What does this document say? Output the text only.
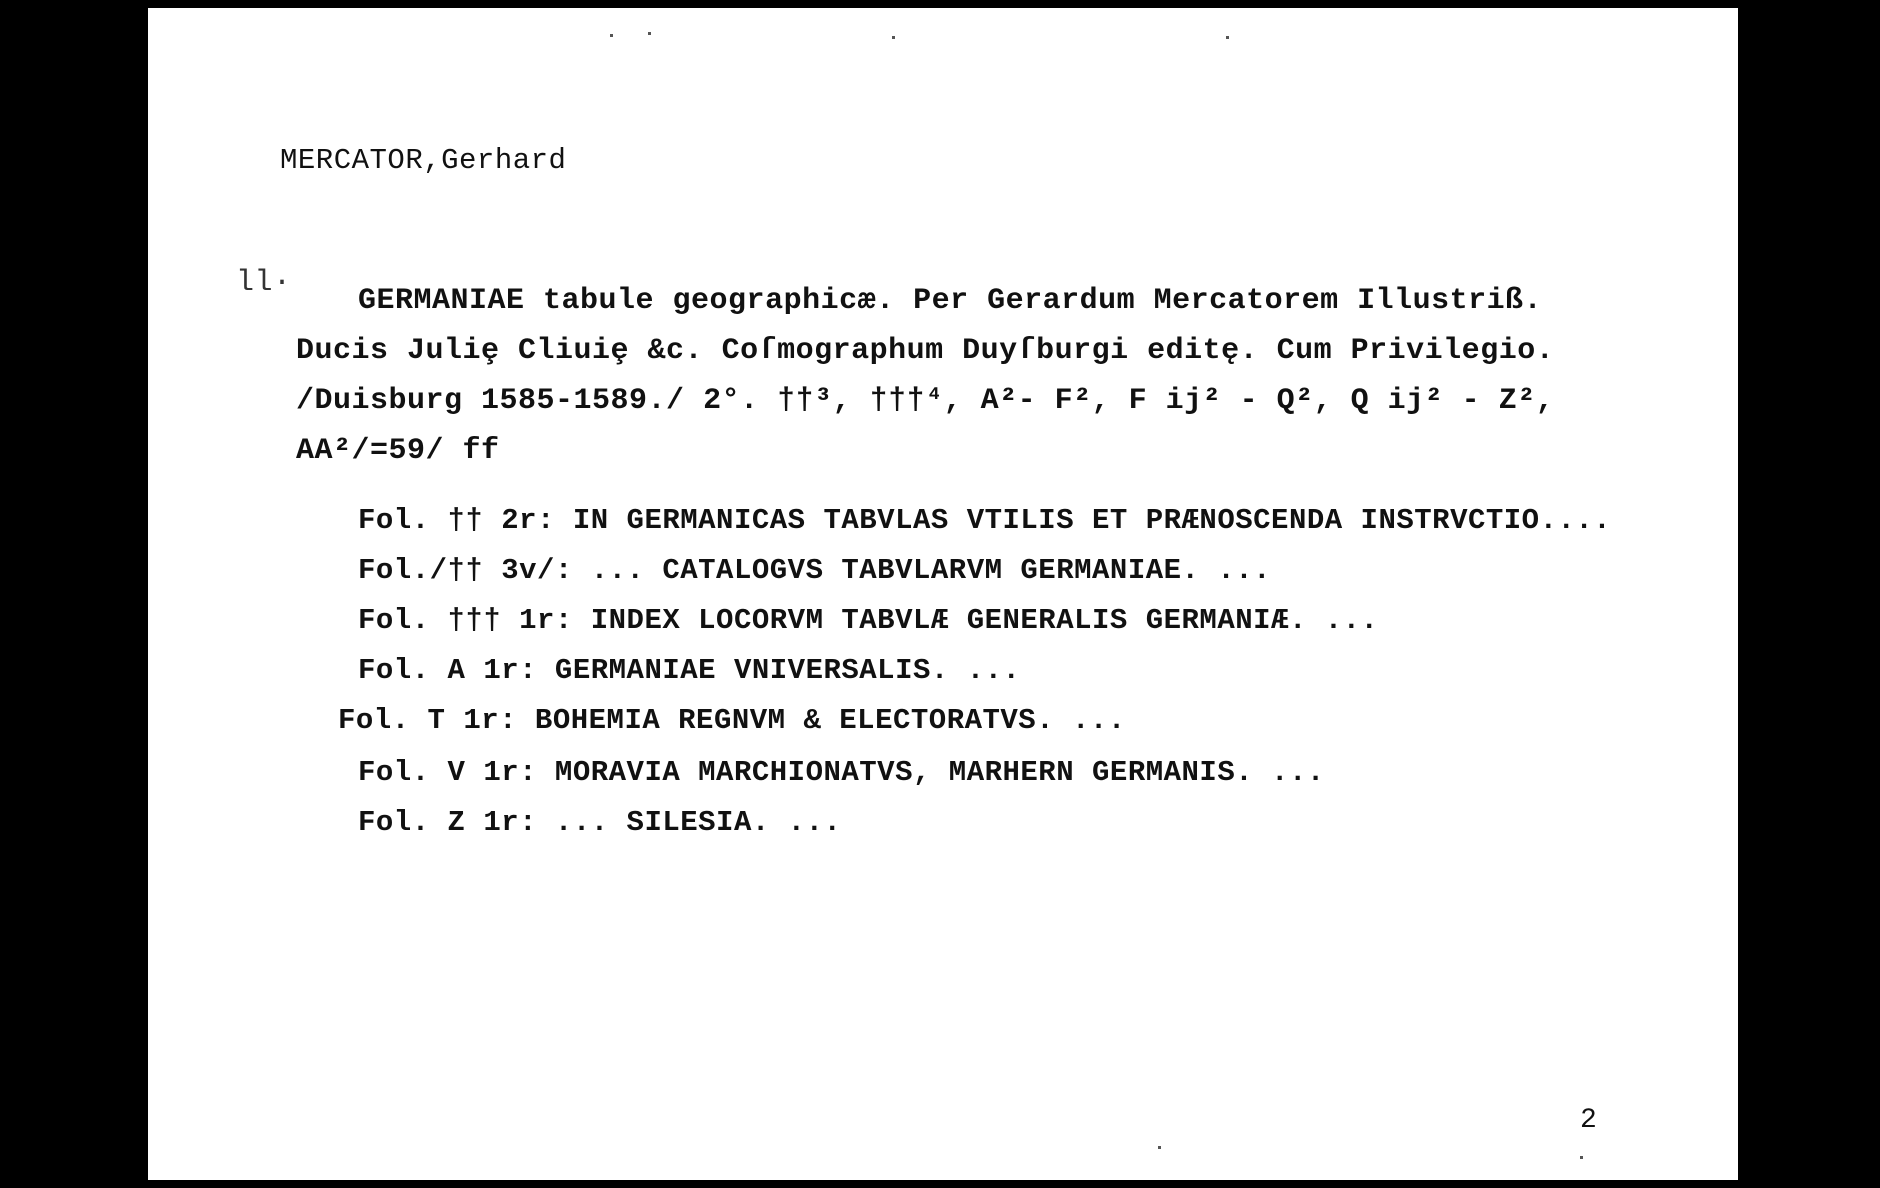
MERCATOR,Gerhard
ll·
GERMANIAE tabule geographicæ. Per Gerardum Mercatorem Illustriß.
Ducis Juliȩ Cliuiȩ &c. Coſmographum Duyſburgi editę. Cum Privilegio.
/Duisburg 1585-1589./ 2°. ††³, †††⁴, A²- F², F ij² - Q², Q ij² - Z²,
AA²/=59/ ff
Fol. †† 2r: IN GERMANICAS TABVLAS VTILIS ET PRÆNOSCENDA INSTRVCTIO....
Fol./†† 3v/: ... CATALOGVS TABVLARVM GERMANIAE. ...
Fol. ††† 1r: INDEX LOCORVM TABVLÆ GENERALIS GERMANIÆ. ...
Fol. A 1r: GERMANIAE VNIVERSALIS. ...
Fol. T 1r: BOHEMIA REGNVM & ELECTORATVS. ...
Fol. V 1r: MORAVIA MARCHIONATVS, MARHERN GERMANIS. ...
Fol. Z 1r: ... SILESIA. ...
2
